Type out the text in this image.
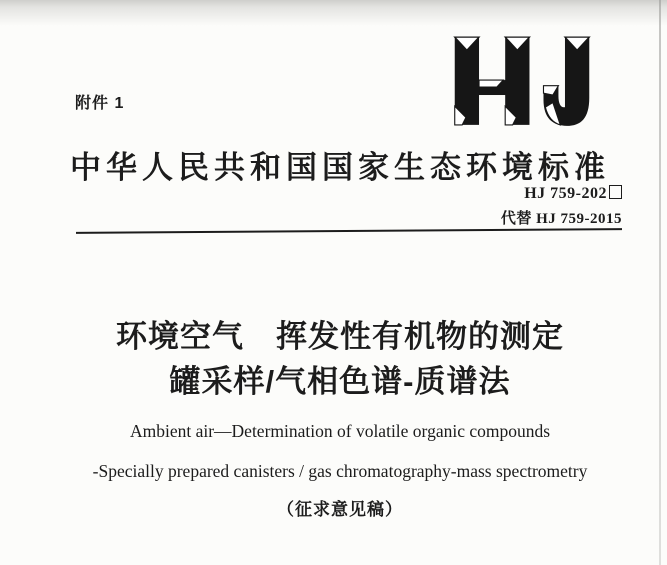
附件 1
中华人民共和国国家生态环境标准
HJ 759-202
代替 HJ 759-2015
环境空气　挥发性有机物的测定
罐采样/气相色谱-质谱法
Ambient air—Determination of volatile organic compounds
-Specially prepared canisters / gas chromatography-mass spectrometry
（征求意见稿）
